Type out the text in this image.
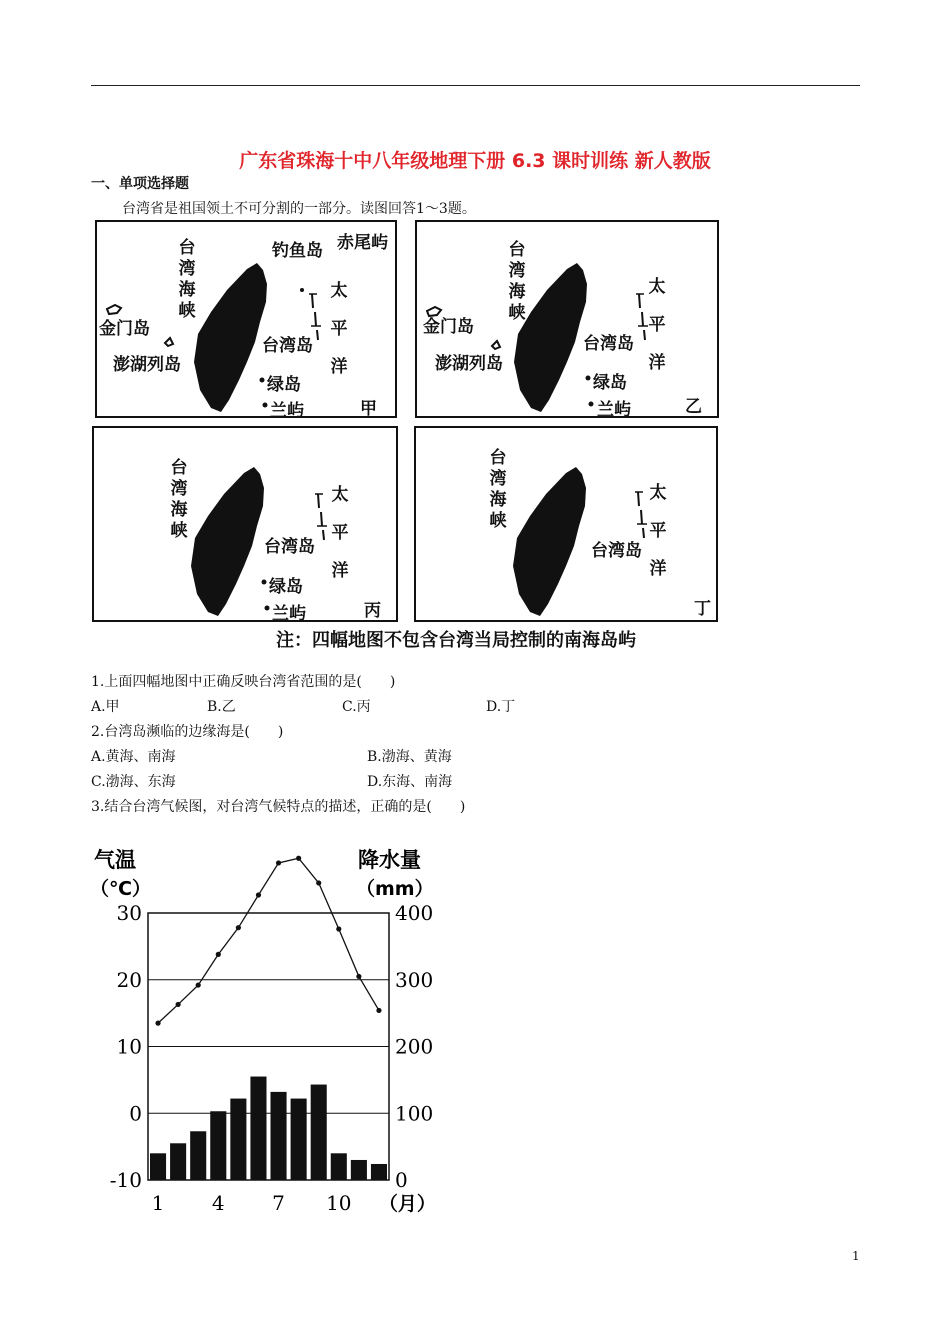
广东省珠海十中八年级地理下册 6.3 课时训练 新人教版
一、单项选择题
台湾省是祖国领土不可分割的一部分。读图回答1～3题。
台湾海峡
钓鱼岛 赤尾屿
金门岛
澎湖列岛
台湾岛
太平洋
绿岛
兰屿	甲
台湾海峡
金门岛
澎湖列岛
台湾岛
太平洋
绿岛
兰屿	乙
台湾海峡
台湾岛
太平洋
绿岛
兰屿	丙
台湾海峡
台湾岛
太平洋
丁
注：四幅地图不包含台湾当局控制的南海岛屿
1.上面四幅地图中正确反映台湾省范围的是(　　)
A.甲	B.乙	C.丙	D.丁
2.台湾岛濒临的边缘海是(　　)
A.黄海、南海	B.渤海、黄海
C.渤海、东海	D.东海、南海
3.结合台湾气候图，对台湾气候特点的描述，正确的是(　　)
气温
（℃）
降水量
（mm）
30
20
10
0
-10
400
300
200
100
0
1 4 7 10 （月）
1
